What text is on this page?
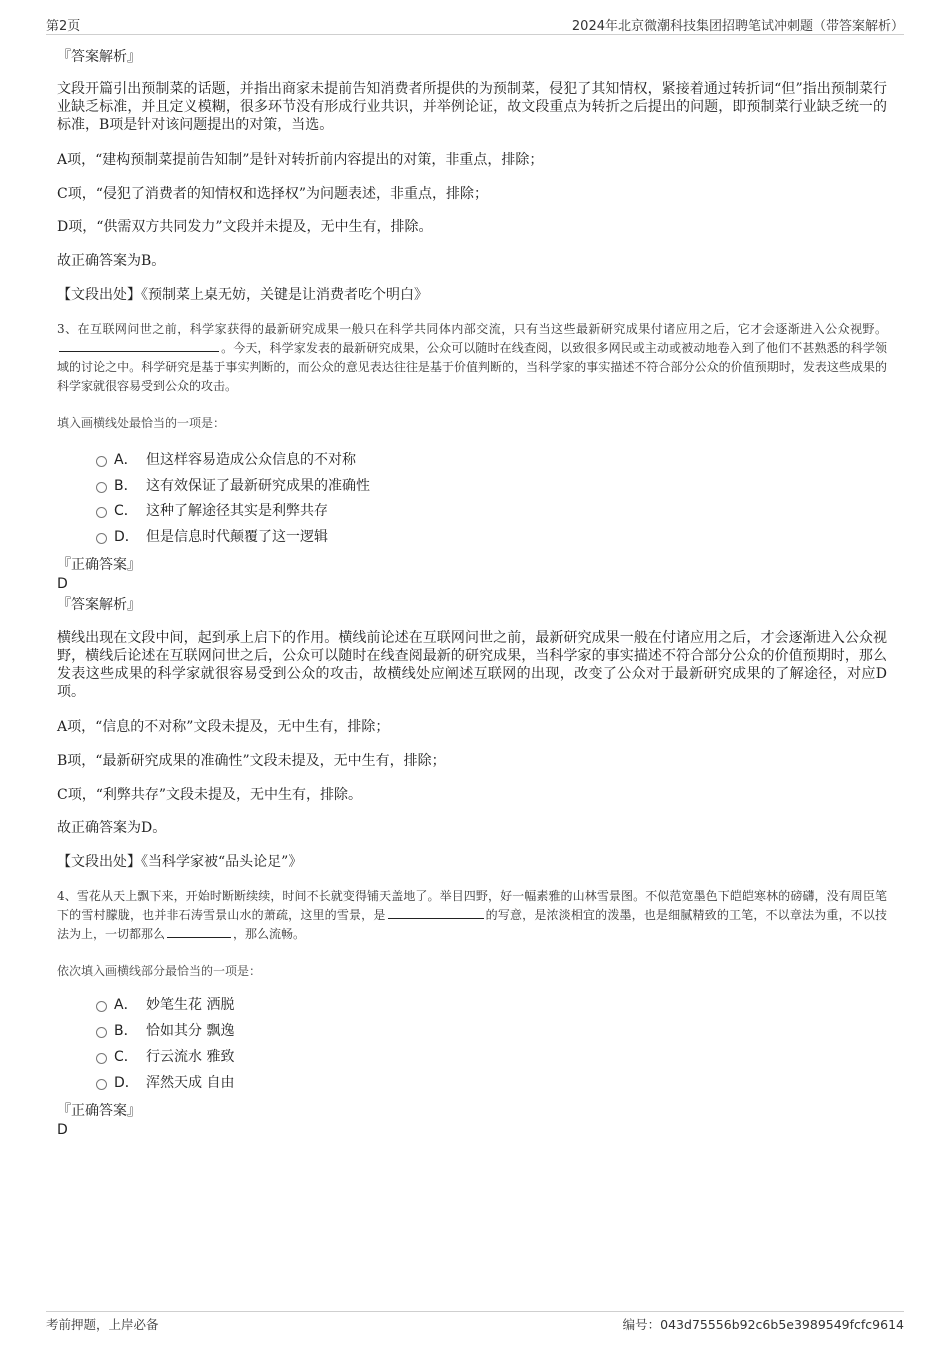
第2页	2024年北京微潮科技集团招聘笔试冲刺题（带答案解析）
『答案解析』
文段开篇引出预制菜的话题，并指出商家未提前告知消费者所提供的为预制菜，侵犯了其知情权，紧接着通过转折词“但”指出预制菜行业缺乏标准，并且定义模糊，很多环节没有形成行业共识，并举例论证，故文段重点为转折之后提出的问题，即预制菜行业缺乏统一的标准，B项是针对该问题提出的对策，当选。
A项，“建构预制菜提前告知制”是针对转折前内容提出的对策，非重点，排除；
C项，“侵犯了消费者的知情权和选择权”为问题表述，非重点，排除；
D项，“供需双方共同发力”文段并未提及，无中生有，排除。
故正确答案为B。
【文段出处】《预制菜上桌无妨，关键是让消费者吃个明白》
3、在互联网问世之前，科学家获得的最新研究成果一般只在科学共同体内部交流，只有当这些最新研究成果付诸应用之后，它才会逐渐进入公众视野。。今天，科学家发表的最新研究成果，公众可以随时在线查阅，以致很多网民或主动或被动地卷入到了他们不甚熟悉的科学领域的讨论之中。科学研究是基于事实判断的，而公众的意见表达往往是基于价值判断的，当科学家的事实描述不符合部分公众的价值预期时，发表这些成果的科学家就很容易受到公众的攻击。
填入画横线处最恰当的一项是：
A． 但这样容易造成公众信息的不对称
B． 这有效保证了最新研究成果的准确性
C． 这种了解途径其实是利弊共存
D． 但是信息时代颠覆了这一逻辑
『正确答案』
D
『答案解析』
横线出现在文段中间，起到承上启下的作用。横线前论述在互联网问世之前，最新研究成果一般在付诸应用之后，才会逐渐进入公众视野，横线后论述在互联网问世之后，公众可以随时在线查阅最新的研究成果，当科学家的事实描述不符合部分公众的价值预期时，那么发表这些成果的科学家就很容易受到公众的攻击，故横线处应阐述互联网的出现，改变了公众对于最新研究成果的了解途径，对应D项。
A项，“信息的不对称”文段未提及，无中生有，排除；
B项，“最新研究成果的准确性”文段未提及，无中生有，排除；
C项，“利弊共存”文段未提及，无中生有，排除。
故正确答案为D。
【文段出处】《当科学家被“品头论足”》
4、雪花从天上飘下来，开始时断断续续，时间不长就变得铺天盖地了。举目四野，好一幅素雅的山林雪景图。不似范宽墨色下皑皑寒林的磅礴，没有周臣笔下的雪村朦胧，也并非石涛雪景山水的萧疏，这里的雪景，是	的写意，是浓淡相宜的泼墨，也是细腻精致的工笔，不以章法为重，不以技法为上，一切都那么	，那么流畅。
依次填入画横线部分最恰当的一项是：
A． 妙笔生花 洒脱
B． 恰如其分 飘逸
C． 行云流水 雅致
D． 浑然天成 自由
『正确答案』
D
考前押题，上岸必备	编号：043d75556b92c6b5e3989549fcfc9614
